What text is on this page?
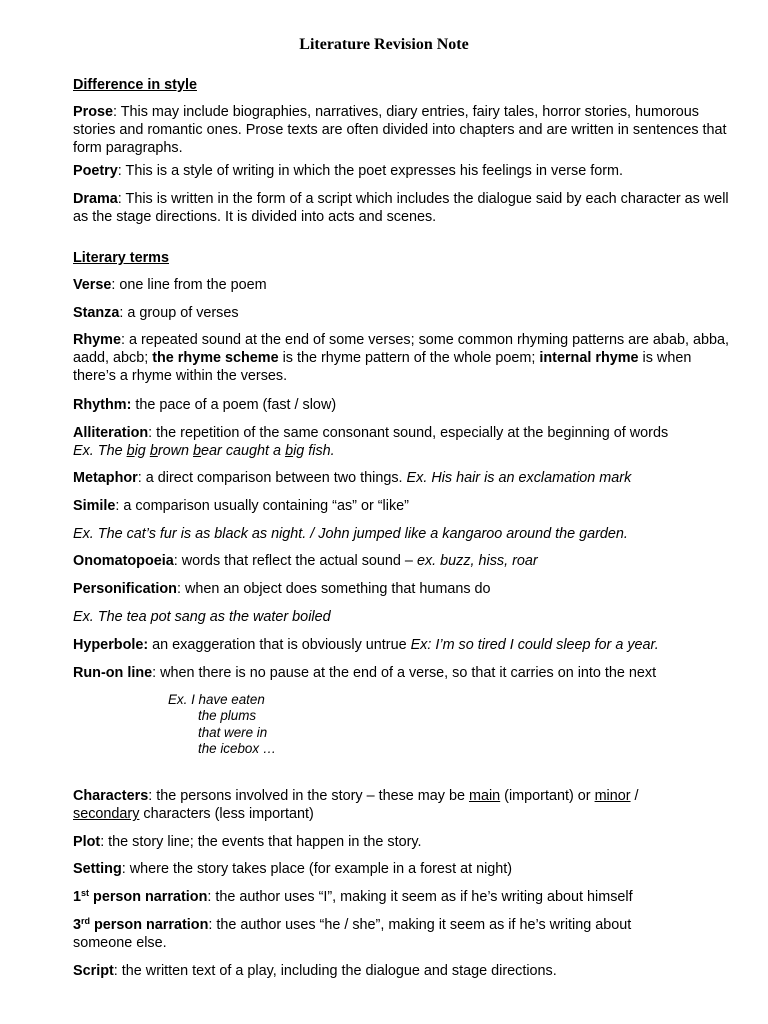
Literature Revision Note
Difference in style
Prose: This may include biographies, narratives, diary entries, fairy tales, horror stories, humorous stories and romantic ones. Prose texts are often divided into chapters and are written in sentences that form paragraphs.
Poetry: This is a style of writing in which the poet expresses his feelings in verse form.
Drama: This is written in the form of a script which includes the dialogue said by each character as well as the stage directions. It is divided into acts and scenes.
Literary terms
Verse: one line from the poem
Stanza: a group of verses
Rhyme: a repeated sound at the end of some verses; some common rhyming patterns are abab, abba, aadd, abcb; the rhyme scheme is the rhyme pattern of the whole poem; internal rhyme is when there’s a rhyme within the verses.
Rhythm: the pace of a poem (fast / slow)
Alliteration: the repetition of the same consonant sound, especially at the beginning of words
Ex. The big brown bear caught a big fish.
Metaphor: a direct comparison between two things. Ex. His hair is an exclamation mark
Simile: a comparison usually containing “as” or “like”
Ex. The cat’s fur is as black as night. / John jumped like a kangaroo around the garden.
Onomatopoeia: words that reflect the actual sound – ex. buzz, hiss, roar
Personification: when an object does something that humans do
Ex. The tea pot sang as the water boiled
Hyperbole: an exaggeration that is obviously untrue Ex: I’m so tired I could sleep for a year.
Run-on line: when there is no pause at the end of a verse, so that it carries on into the next
Ex. I have eaten
the plums
that were in
the icebox …
Characters: the persons involved in the story – these may be main (important) or minor / secondary characters (less important)
Plot: the story line; the events that happen in the story.
Setting: where the story takes place (for example in a forest at night)
1st person narration: the author uses “I”, making it seem as if he’s writing about himself
3rd person narration: the author uses “he / she”, making it seem as if he’s writing about someone else.
Script: the written text of a play, including the dialogue and stage directions.
